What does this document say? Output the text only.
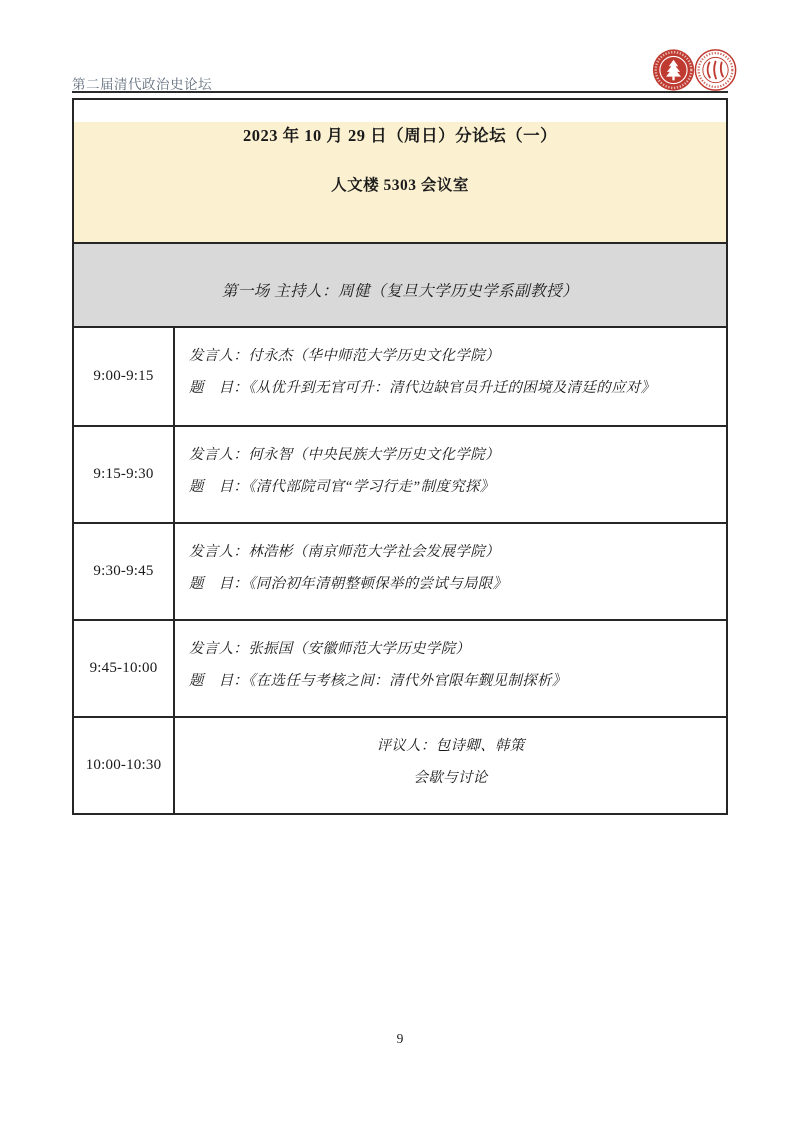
第二届清代政治史论坛
2023 年 10 月 29 日（周日）分论坛（一）
人文楼 5303 会议室
第一场 主持人：周健（复旦大学历史学系副教授）
9:00-9:15
发言人：付永杰（华中师范大学历史文化学院）
题　目：《从优升到无官可升：清代边缺官员升迁的困境及清廷的应对》
9:15-9:30
发言人：何永智（中央民族大学历史文化学院）
题　目：《清代部院司官“学习行走”制度究探》
9:30-9:45
发言人：林浩彬（南京师范大学社会发展学院）
题　目：《同治初年清朝整顿保举的尝试与局限》
9:45-10:00
发言人：张振国（安徽师范大学历史学院）
题　目：《在选任与考核之间：清代外官限年觐见制探析》
10:00-10:30
评议人：包诗卿、韩策
会歇与讨论
9
